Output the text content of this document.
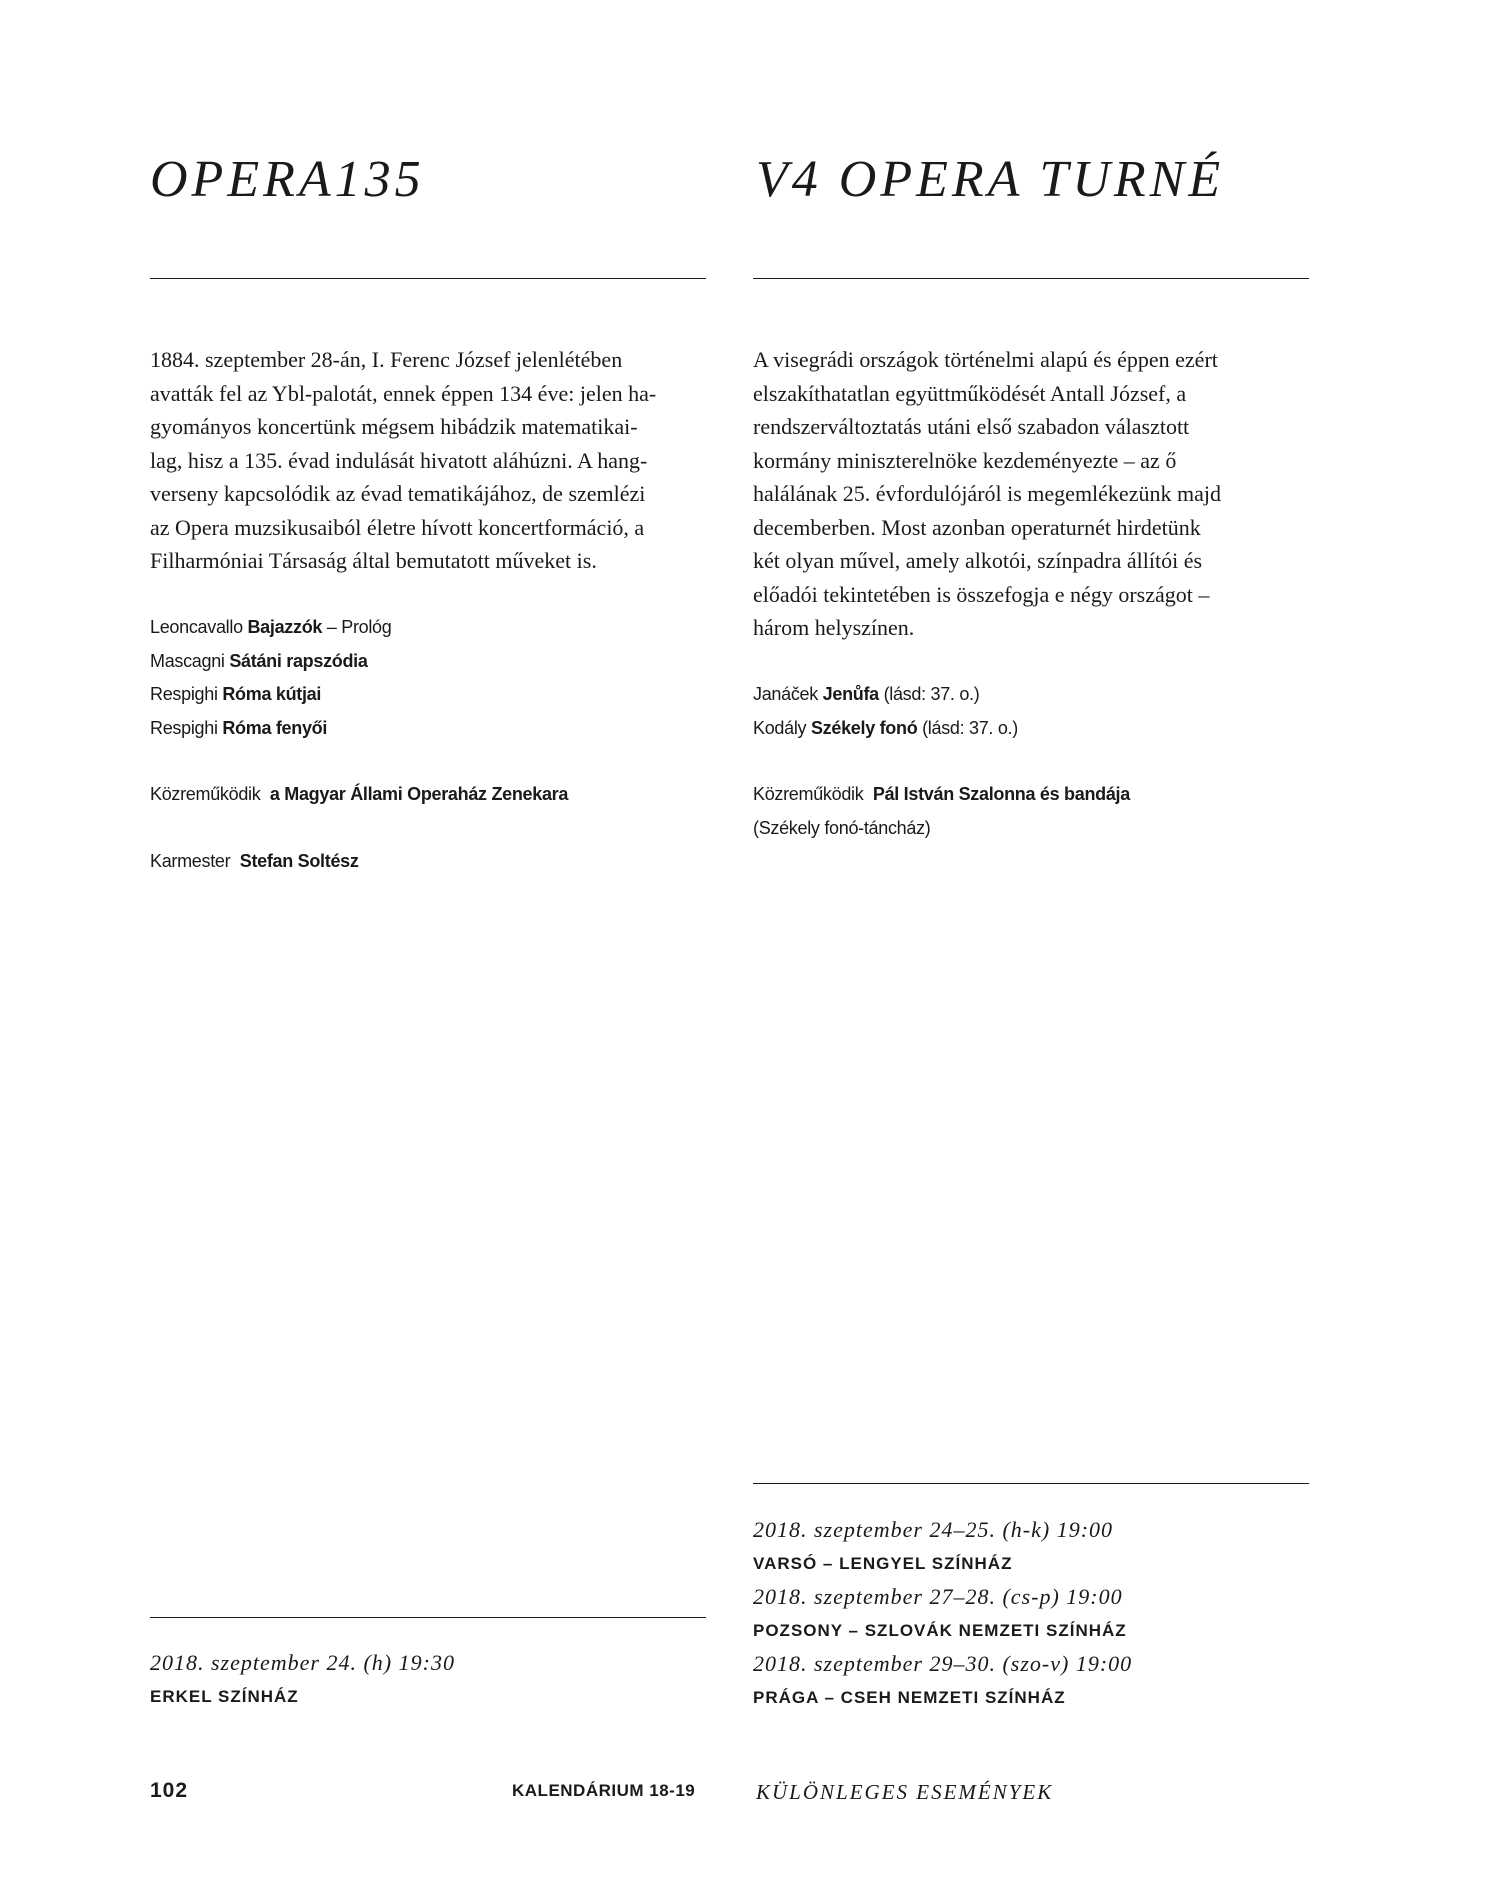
OPERA135
1884. szeptember 28-án, I. Ferenc József jelenlétében
avatták fel az Ybl-palotát, ennek éppen 134 éve: jelen ha-
gyományos koncertünk mégsem hibádzik matematikai-
lag, hisz a 135. évad indulását hivatott aláhúzni. A hang-
verseny kapcsolódik az évad tematikájához, de szemlézi
az Opera muzsikusaiból életre hívott koncertformáció, a
Filharmóniai Társaság által bemutatott műveket is.
Leoncavallo Bajazzók – Prológ
Mascagni Sátáni rapszódia
Respighi Róma kútjai
Respighi Róma fenyői
Közreműködik a Magyar Állami Operaház Zenekara
Karmester Stefan Soltész
2018. szeptember 24. (h) 19:30
ERKEL SZÍNHÁZ
V4 OPERA TURNÉ
A visegrádi országok történelmi alapú és éppen ezért
elszakíthatatlan együttműködését Antall József, a
rendszerváltoztatás utáni első szabadon választott
kormány miniszterelnöke kezdeményezte – az ő
halálának 25. évfordulójáról is megemlékezünk majd
decemberben. Most azonban operaturnét hirdetünk
két olyan művel, amely alkotói, színpadra állítói és
előadói tekintetében is összefogja e négy országot –
három helyszínen.
Janáček Jenůfa (lásd: 37. o.)
Kodály Székely fonó (lásd: 37. o.)
Közreműködik Pál István Szalonna és bandája
(Székely fonó-táncház)
2018. szeptember 24–25. (h-k) 19:00
VARSÓ – LENGYEL SZÍNHÁZ
2018. szeptember 27–28. (cs-p) 19:00
POZSONY – SZLOVÁK NEMZETI SZÍNHÁZ
2018. szeptember 29–30. (szo-v) 19:00
PRÁGA – CSEH NEMZETI SZÍNHÁZ
102	KALENDÁRIUM 18-19	KÜLÖNLEGES ESEMÉNYEK
